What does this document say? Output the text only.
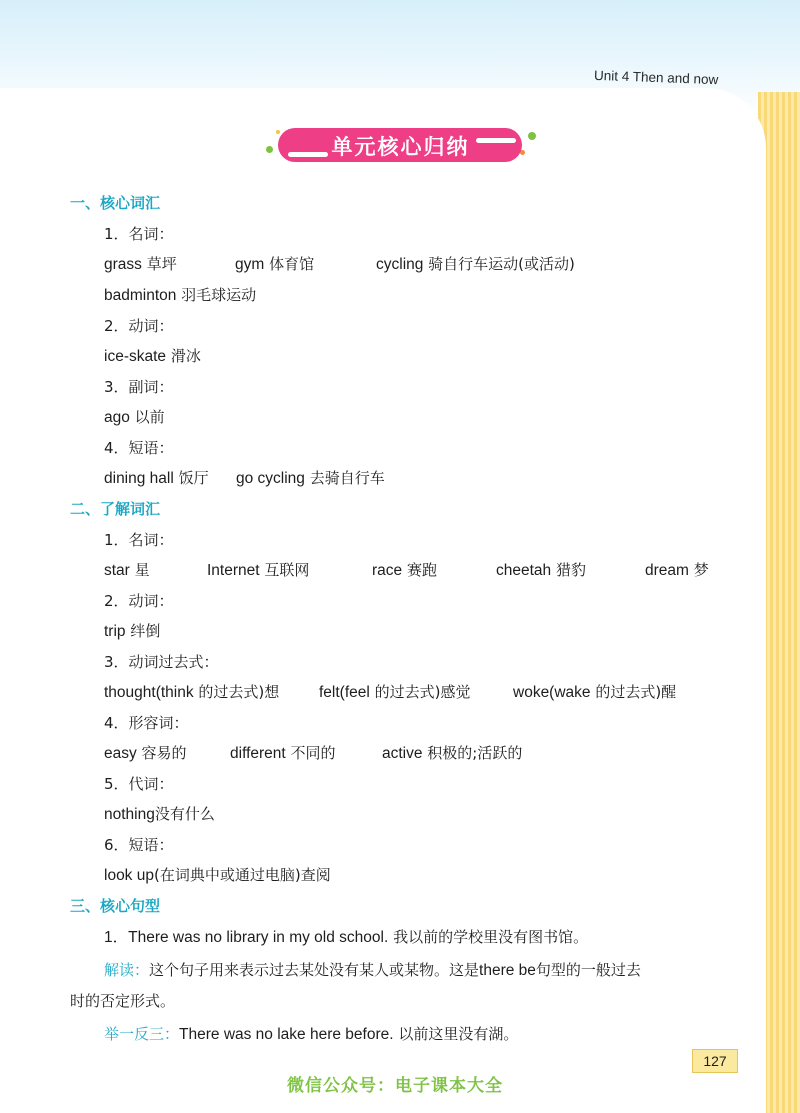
Unit 4 Then and now
单元核心归纳
一、核心词汇
1．名词：
grass 草坪	gym 体育馆	cycling 骑自行车运动(或活动)
badminton 羽毛球运动
2．动词：
ice-skate 滑冰
3．副词：
ago 以前
4．短语：
dining hall 饭厅 go cycling 去骑自行车
二、了解词汇
1．名词：
star 星	Internet 互联网	race 赛跑	cheetah 猎豹	dream 梦
2．动词：
trip 绊倒
3．动词过去式：
thought(think 的过去式)想	felt(feel 的过去式)感觉	woke(wake 的过去式)醒
4．形容词：
easy 容易的	different 不同的	active 积极的;活跃的
5．代词：
nothing没有什么
6．短语：
look up(在词典中或通过电脑)查阅
三、核心句型
1．There was no library in my old school. 我以前的学校里没有图书馆。
解读：这个句子用来表示过去某处没有某人或某物。这是there be句型的一般过去
时的否定形式。
举一反三：There was no lake here before. 以前这里没有湖。
127
微信公众号：电子课本大全
